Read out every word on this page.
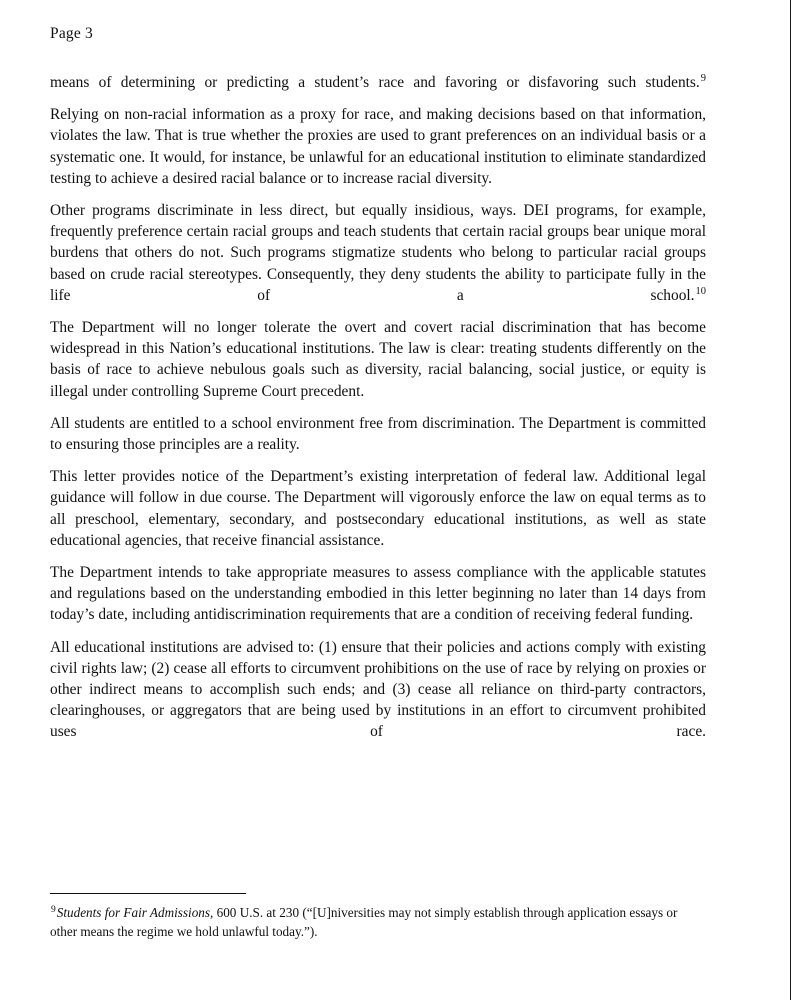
Page 3

means of determining or predicting a student’s race and favoring or disfavoring such students.$^9$

Relying on non-racial information as a proxy for race, and making decisions based on that information, violates the law. That is true whether the proxies are used to grant preferences on an individual basis or a systematic one. It would, for instance, be unlawful for an educational institution to eliminate standardized testing to achieve a desired racial balance or to increase racial diversity.

Other programs discriminate in less direct, but equally insidious, ways. DEI programs, for example, frequently preference certain racial groups and teach students that certain racial groups bear unique moral burdens that others do not. Such programs stigmatize students who belong to particular racial groups based on crude racial stereotypes. Consequently, they deny students the ability to participate fully in the life of a school.$^{10}$

The Department will no longer tolerate the overt and covert racial discrimination that has become widespread in this Nation’s educational institutions. The law is clear: treating students differently on the basis of race to achieve nebulous goals such as diversity, racial balancing, social justice, or equity is illegal under controlling Supreme Court precedent.

All students are entitled to a school environment free from discrimination. The Department is committed to ensuring those principles are a reality.

This letter provides notice of the Department’s existing interpretation of federal law. Additional legal guidance will follow in due course. The Department will vigorously enforce the law on equal terms as to all preschool, elementary, secondary, and postsecondary educational institutions, as well as state educational agencies, that receive financial assistance.

The Department intends to take appropriate measures to assess compliance with the applicable statutes and regulations based on the understanding embodied in this letter beginning no later than 14 days from today’s date, including antidiscrimination requirements that are a condition of receiving federal funding.

All educational institutions are advised to: (1) ensure that their policies and actions comply with existing civil rights law; (2) cease all efforts to circumvent prohibitions on the use of race by relying on proxies or other indirect means to accomplish such ends; and (3) cease all reliance on third-party contractors, clearinghouses, or aggregators that are being used by institutions in an effort to circumvent prohibited uses of race.

$^9$Students for Fair Admissions, 600 U.S. at 230 (“[U]niversities may not simply establish through application essays or other means the regime we hold unlawful today.”).
